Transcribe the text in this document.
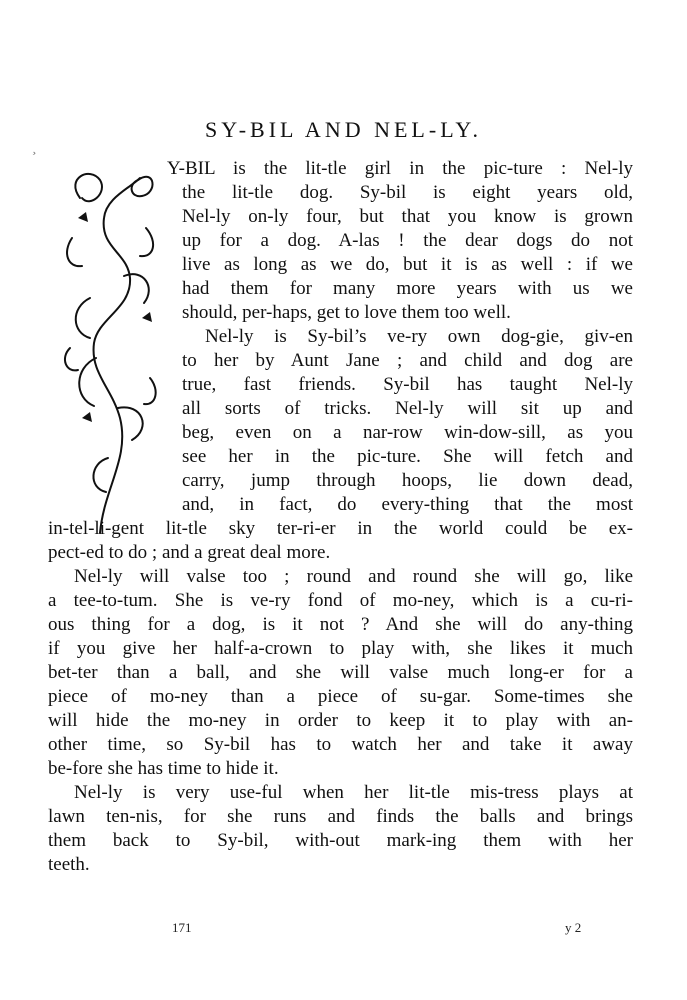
SY-BIL AND NEL-LY.
¸
Y-BIL is the lit-tle girl in the pic-ture : Nel-ly
the lit-tle dog. Sy-bil is eight years old,
Nel-ly on-ly four, but that you know is grown
up for a dog. A-las ! the dear dogs do not
live as long as we do, but it is as well : if we
had them for many more years with us we
should, per-haps, get to love them too well.
Nel-ly is Sy-bil’s ve-ry own dog-gie, giv-en
to her by Aunt Jane ; and child and dog are
true, fast friends. Sy-bil has taught Nel-ly
all sorts of tricks. Nel-ly will sit up and
beg, even on a nar-row win-dow-sill, as you
see her in the pic-ture. She will fetch and
carry, jump through hoops, lie down dead,
and, in fact, do every-thing that the most
in-tel-li-gent lit-tle sky ter-ri-er in the world could be ex-
pect-ed to do ; and a great deal more.
Nel-ly will valse too ; round and round she will go, like
a tee-to-tum. She is ve-ry fond of mo-ney, which is a cu-ri-
ous thing for a dog, is it not ? And she will do any-thing
if you give her half-a-crown to play with, she likes it much
bet-ter than a ball, and she will valse much long-er for a
piece of mo-ney than a piece of su-gar. Some-times she
will hide the mo-ney in order to keep it to play with an-
other time, so Sy-bil has to watch her and take it away
be-fore she has time to hide it.
Nel-ly is very use-ful when her lit-tle mis-tress plays at
lawn ten-nis, for she runs and finds the balls and brings
them back to Sy-bil, with-out mark-ing them with her
teeth.
171	y 2
